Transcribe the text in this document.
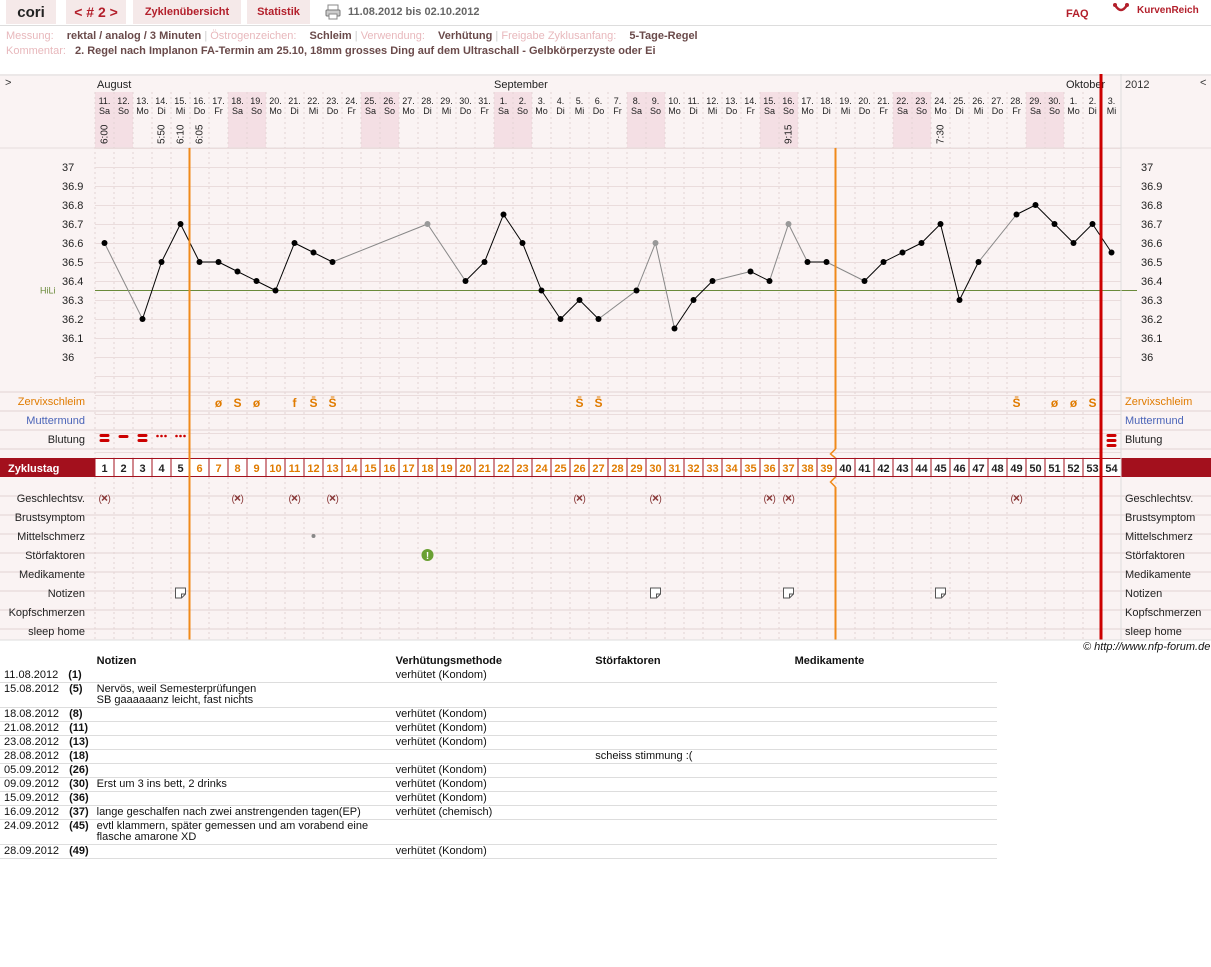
cori	< # 2 >	Zyklenübersicht	Statistik	11.08.2012 bis 02.10.2012	FAQ	KurvenReich
Messung: rektal / analog / 3 Minuten | Östrogenzeichen: Schleim | Verwendung: Verhütung | Freigabe Zyklusanfang: 5-Tage-Regel
Kommentar: 2. Regel nach Implanon FA-Termin am 25.10, 18mm grosses Ding auf dem Ultraschall - Gelbkörperzyste oder Ei
>	2012	<
August	September	Oktober
11.
Sa
12.
So
13.
Mo
14.
Di
15.
Mi
16.
Do
17.
Fr
18.
Sa
19.
So
20.
Mo
21.
Di
22.
Mi
23.
Do
24.
Fr
25.
Sa
26.
So
27.
Mo
28.
Di
29.
Mi
30.
Do
31.
Fr
1.
Sa
2.
So
3.
Mo
4.
Di
5.
Mi
6.
Do
7.
Fr
8.
Sa
9.
So
10.
Mo
11.
Di
12.
Mi
13.
Do
14.
Fr
15.
Sa
16.
So
17.
Mo
18.
Di
19.
Mi
20.
Do
21.
Fr
22.
Sa
23.
So
24.
Mo
25.
Di
26.
Mi
27.
Do
28.
Fr
29.
Sa
30.
So
1.
Mo
2.
Di
3.
Mi
6:00	5:50 6:10 6:05	9:15	7:30
37	37
36.9	36.9
36.8	36.8
36.7	36.7
36.6	36.6
36.5	36.5
36.4	36.4
36.3	36.3
36.2	36.2
36.1	36.1
36	36
HiLi
Zervixschleim	Zervixschleim
Muttermund	Muttermund
Blutung	Blutung
ø S ø	f S̄ S̄	S̄ S̄	S̄	ø ø S
Zyklustag	1 2 3 4 5 6 7 8 9 10 11 12 13 14 15 16 17 18 19 20 21 22 23 24 25 26 27 28 29 30 31 32 33 34 35 36 37 38 39 40 41 42 43 44 45 46 47 48 49 50 51 52 53 54
Geschlechtsv.	Geschlechtsv.
Brustsymptom	Brustsymptom
Mittelschmerz	Mittelschmerz
Störfaktoren	Störfaktoren
Medikamente	Medikamente
Notizen	Notizen
Kopfschmerzen	Kopfschmerzen
sleep home	sleep home
( )	( )	( )	( )	( )	( )	( ) ( )	( )
!
© http://www.nfp-forum.de
	Notizen	Verhütungsmethode	Störfaktoren	Medikamente
11.08.2012 (1)		verhütet (Kondom)		
15.08.2012 (5)	Nervös, weil Semesterprüfungen
SB gaaaaaanz leicht, fast nichts			
18.08.2012 (8)		verhütet (Kondom)		
21.08.2012 (11)		verhütet (Kondom)		
23.08.2012 (13)		verhütet (Kondom)		
28.08.2012 (18)			scheiss stimmung :(	
05.09.2012 (26)		verhütet (Kondom)		
09.09.2012 (30)	Erst um 3 ins bett, 2 drinks	verhütet (Kondom)		
15.09.2012 (36)		verhütet (Kondom)		
16.09.2012 (37)	lange geschalfen nach zwei anstrengenden tagen(EP)	verhütet (chemisch)		
24.09.2012 (45)	evtl klammern, später gemessen und am vorabend eine
flasche amarone XD			
28.09.2012 (49)		verhütet (Kondom)		
